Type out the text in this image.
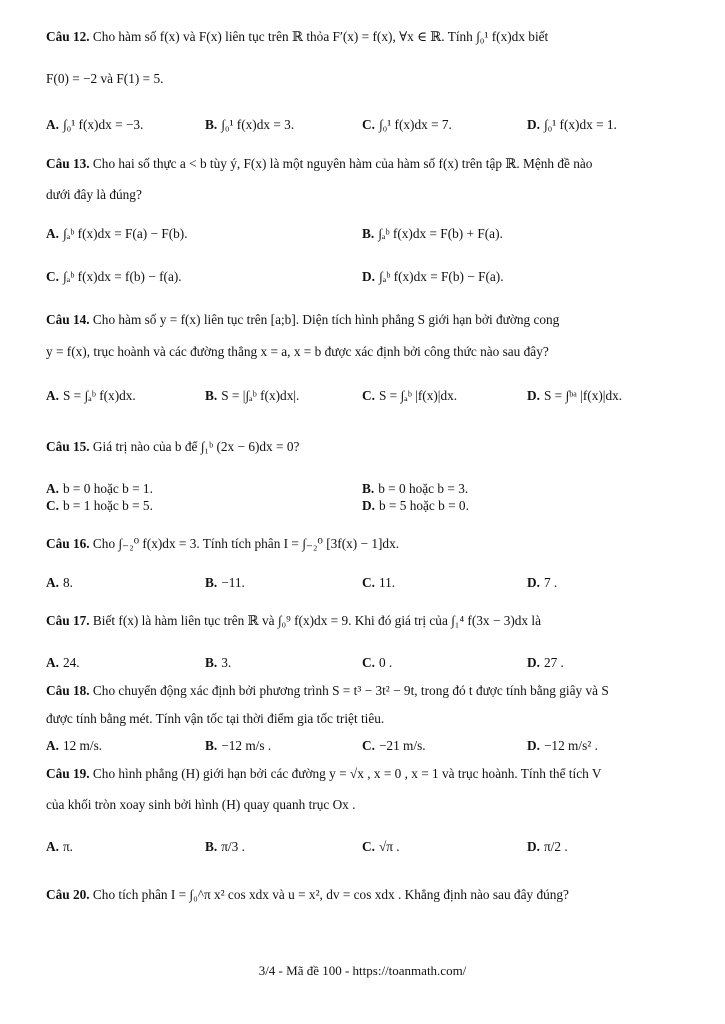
Câu 12. Cho hàm số f(x) và F(x) liên tục trên ℝ thỏa F′(x) = f(x), ∀x ∈ ℝ. Tính ∫₀¹ f(x)dx biết
F(0) = −2 và F(1) = 5.
A. ∫₀¹ f(x)dx = −3.	B. ∫₀¹ f(x)dx = 3.	C. ∫₀¹ f(x)dx = 7.	D. ∫₀¹ f(x)dx = 1.
Câu 13. Cho hai số thực a < b tùy ý, F(x) là một nguyên hàm của hàm số f(x) trên tập ℝ. Mệnh đề nào
dưới đây là đúng?
A. ∫ₐᵇ f(x)dx = F(a) − F(b).	B. ∫ₐᵇ f(x)dx = F(b) + F(a).
C. ∫ₐᵇ f(x)dx = f(b) − f(a).	D. ∫ₐᵇ f(x)dx = F(b) − F(a).
Câu 14. Cho hàm số y = f(x) liên tục trên [a;b]. Diện tích hình phẳng S giới hạn bởi đường cong
y = f(x), trục hoành và các đường thẳng x = a, x = b được xác định bởi công thức nào sau đây?
A. S = ∫ₐᵇ f(x)dx.	B. S = |∫ₐᵇ f(x)dx|.	C. S = ∫ₐᵇ |f(x)|dx.	D. S = ∫ᵇᵃ |f(x)|dx.
Câu 15. Giá trị nào của b để ∫₁ᵇ (2x − 6)dx = 0?
A. b = 0 hoặc b = 1.	B. b = 0 hoặc b = 3.
C. b = 1 hoặc b = 5.	D. b = 5 hoặc b = 0.
Câu 16. Cho ∫₋₂⁰ f(x)dx = 3. Tính tích phân I = ∫₋₂⁰ [3f(x) − 1]dx.
A. 8.	B. −11.	C. 11.	D. 7 .
Câu 17. Biết f(x) là hàm liên tục trên ℝ và ∫₀⁹ f(x)dx = 9. Khi đó giá trị của ∫₁⁴ f(3x − 3)dx là
A. 24.	B. 3.	C. 0 .	D. 27 .
Câu 18. Cho chuyển động xác định bởi phương trình S = t³ − 3t² − 9t, trong đó t được tính bằng giây và S
được tính bằng mét. Tính vận tốc tại thời điểm gia tốc triệt tiêu.
A. 12 m/s.	B. −12 m/s .	C. −21 m/s.	D. −12 m/s² .
Câu 19. Cho hình phẳng (H) giới hạn bởi các đường y = √x , x = 0 , x = 1 và trục hoành. Tính thể tích V
của khối tròn xoay sinh bởi hình (H) quay quanh trục Ox .
A. π.	B. π/3 .	C. √π .	D. π/2 .
Câu 20. Cho tích phân I = ∫₀^π x² cos xdx và u = x², dv = cos xdx . Khẳng định nào sau đây đúng?
3/4 - Mã đề 100 - https://toanmath.com/
